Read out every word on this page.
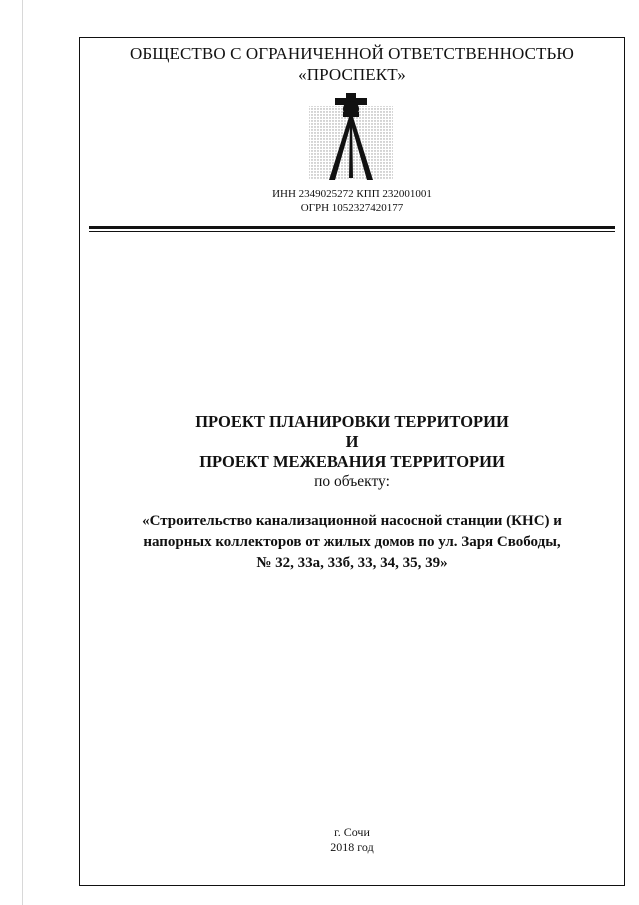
ОБЩЕСТВО С ОГРАНИЧЕННОЙ ОТВЕТСТВЕННОСТЬЮ
«ПРОСПЕКТ»
ИНН 2349025272 КПП 232001001
ОГРН 1052327420177
ПРОЕКТ ПЛАНИРОВКИ ТЕРРИТОРИИ
И
ПРОЕКТ МЕЖЕВАНИЯ ТЕРРИТОРИИ
по объекту:
«Строительство канализационной насосной станции (КНС) и
напорных коллекторов от жилых домов по ул. Заря Свободы,
№ 32, 33а, 33б, 33, 34, 35, 39»
г. Сочи
2018 год
